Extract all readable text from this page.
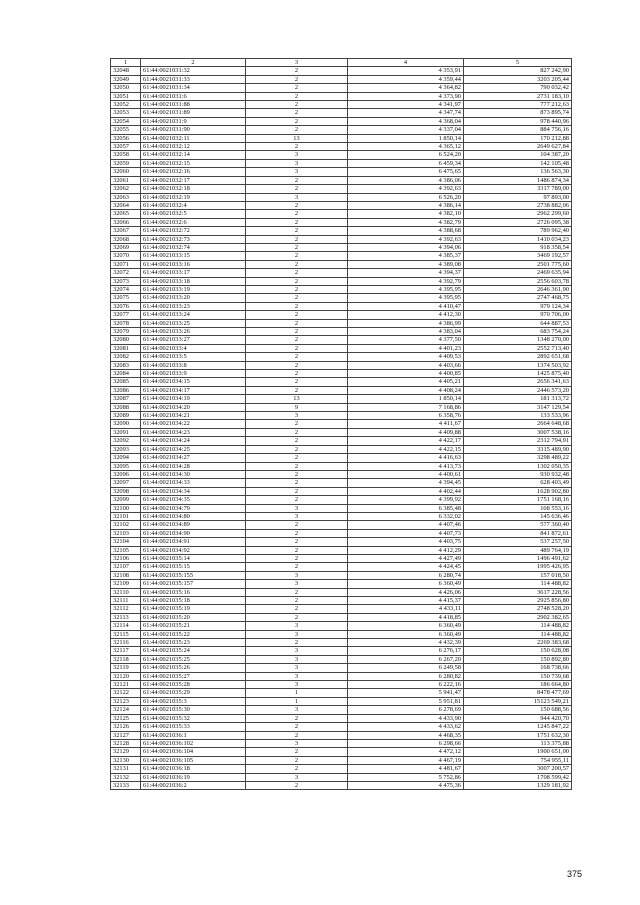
1	2	3	4	5
32048	61:44:0021031:32	2	4 353,91	827 242,90
32049	61:44:0021031:33	2	4 359,44	3203 205,44
32050	61:44:0021031:34	2	4 364,82	790 032,42
32051	61:44:0021031:6	2	4 373,90	2731 183,10
32052	61:44:0021031:88	2	4 341,97	777 212,63
32053	61:44:0021031:89	2	4 347,74	873 895,74
32054	61:44:0021031:9	2	4 368,04	978 440,96
32055	61:44:0021031:90	2	4 337,04	884 756,16
32056	61:44:0021032:11	13	1 850,14	170 212,88
32057	61:44:0021032:12	2	4 365,12	2649 627,84
32058	61:44:0021032:14	3	6 524,20	104 387,20
32059	61:44:0021032:15	3	6 459,34	142 105,48
32060	61:44:0021032:16	3	6 475,65	136 563,30
32061	61:44:0021032:17	2	4 386,06	1486 874,34
32062	61:44:0021032:18	2	4 392,63	3317 789,00
32063	61:44:0021032:19	3	6 526,20	97 893,00
32064	61:44:0021032:4	2	4 386,14	2738 882,06
32065	61:44:0021032:5	2	4 382,10	2962 299,60
32066	61:44:0021032:6	2	4 382,79	2726 095,38
32067	61:44:0021032:72	2	4 388,68	789 962,40
32068	61:44:0021032:73	2	4 392,63	1410 034,23
32069	61:44:0021032:74	2	4 394,06	918 358,54
32070	61:44:0021033:15	2	4 385,37	3469 192,57
32071	61:44:0021033:16	2	4 389,08	2501 775,60
32072	61:44:0021033:17	2	4 394,37	2469 635,94
32073	61:44:0021033:18	2	4 392,79	2556 603,78
32074	61:44:0021033:19	2	4 395,95	2646 361,90
32075	61:44:0021033:20	2	4 395,95	2747 468,75
32076	61:44:0021033:23	2	4 410,47	979 124,34
32077	61:44:0021033:24	2	4 412,30	970 706,00
32078	61:44:0021033:25	2	4 386,99	644 887,53
32079	61:44:0021033:26	2	4 383,04	683 754,24
32080	61:44:0021033:27	2	4 377,50	1348 270,00
32081	61:44:0021033:4	2	4 401,23	2552 713,40
32082	61:44:0021033:5	2	4 409,53	2892 651,68
32083	61:44:0021033:8	2	4 403,66	1374 503,92
32084	61:44:0021033:9	2	4 400,85	1425 875,40
32085	61:44:0021034:15	2	4 405,21	2656 341,63
32086	61:44:0021034:17	2	4 408,24	2446 573,20
32087	61:44:0021034:19	13	1 850,14	181 313,72
32088	61:44:0021034:20	9	7 168,86	3147 129,54
32089	61:44:0021034:21	3	6 358,76	133 533,96
32090	61:44:0021034:22	2	4 411,67	2664 648,68
32091	61:44:0021034:23	2	4 409,88	3007 538,16
32092	61:44:0021034:24	2	4 422,17	2312 794,91
32093	61:44:0021034:25	2	4 422,15	3315 489,90
32094	61:44:0021034:27	2	4 416,63	3298 489,22
32095	61:44:0021034:28	2	4 413,73	1302 050,35
32096	61:44:0021034:30	2	4 400,61	930 932,48
32097	61:44:0021034:33	2	4 394,45	628 403,49
32098	61:44:0021034:34	2	4 402,44	1628 902,80
32099	61:44:0021034:35	2	4 399,92	1751 168,16
32100	61:44:0021034:79	3	6 385,48	108 553,16
32101	61:44:0021034:80	3	6 332,02	145 636,46
32102	61:44:0021034:89	2	4 407,46	577 360,40
32103	61:44:0021034:90	2	4 407,73	841 872,61
32104	61:44:0021034:91	2	4 403,75	537 257,50
32105	61:44:0021034:92	2	4 412,29	489 764,19
32106	61:44:0021035:14	2	4 427,49	1496 491,62
32107	61:44:0021035:15	2	4 424,45	1995 426,95
32108	61:44:0021035:155	3	6 280,74	157 018,50
32109	61:44:0021035:157	3	6 360,49	114 488,82
32110	61:44:0021035:16	2	4 426,06	3617 228,56
32111	61:44:0021035:18	2	4 415,37	2925 856,80
32112	61:44:0021035:19	2	4 433,11	2748 528,20
32113	61:44:0021035:20	2	4 418,85	2902 382,65
32114	61:44:0021035:21	3	6 360,49	114 488,82
32115	61:44:0021035:22	3	6 360,49	114 488,82
32116	61:44:0021035:23	2	4 432,39	2269 383,68
32117	61:44:0021035:24	3	6 276,17	150 628,08
32118	61:44:0021035:25	3	6 267,20	150 892,80
32119	61:44:0021035:26	3	6 249,58	168 738,66
32120	61:44:0021035:27	3	6 280,82	150 739,68
32121	61:44:0021035:28	3	6 222,16	186 664,80
32122	61:44:0021035:29	1	5 941,47	8478 477,69
32123	61:44:0021035:3	1	5 951,81	15123 549,21
32124	61:44:0021035:30	3	6 278,69	150 688,56
32125	61:44:0021035:32	2	4 433,90	944 420,70
32126	61:44:0021035:33	2	4 433,62	1245 847,22
32127	61:44:0021036:1	2	4 468,35	1751 632,30
32128	61:44:0021036:102	3	6 298,66	113 375,88
32129	61:44:0021036:104	2	4 472,12	1900 651,00
32130	61:44:0021036:105	2	4 467,19	754 955,11
32131	61:44:0021036:18	2	4 481,67	3007 200,57
32132	61:44:0021036:19	3	5 752,86	1708 599,42
32133	61:44:0021036:2	2	4 475,36	1329 181,92
375
